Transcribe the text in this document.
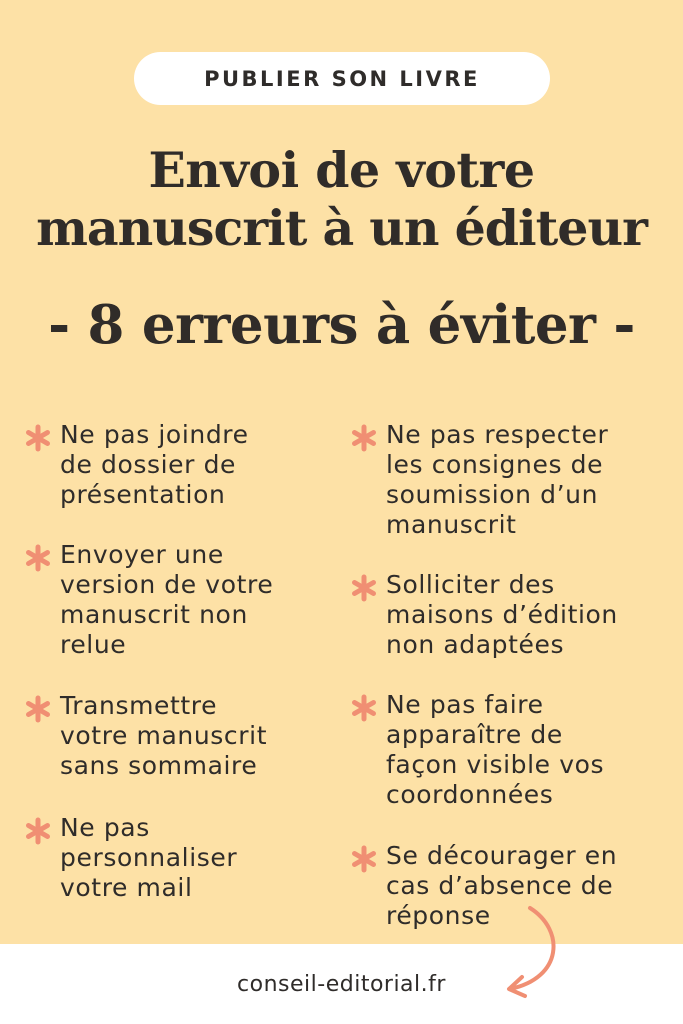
PUBLIER SON LIVRE
Envoi de votre
manuscrit à un éditeur
- 8 erreurs à éviter -
Ne pas joindre
de dossier de
présentation
Envoyer une
version de votre
manuscrit non
relue
Transmettre
votre manuscrit
sans sommaire
Ne pas
personnaliser
votre mail
Ne pas respecter
les consignes de
soumission d’un
manuscrit
Solliciter des
maisons d’édition
non adaptées
Ne pas faire
apparaître de
façon visible vos
coordonnées
Se décourager en
cas d’absence de
réponse
conseil-editorial.fr
